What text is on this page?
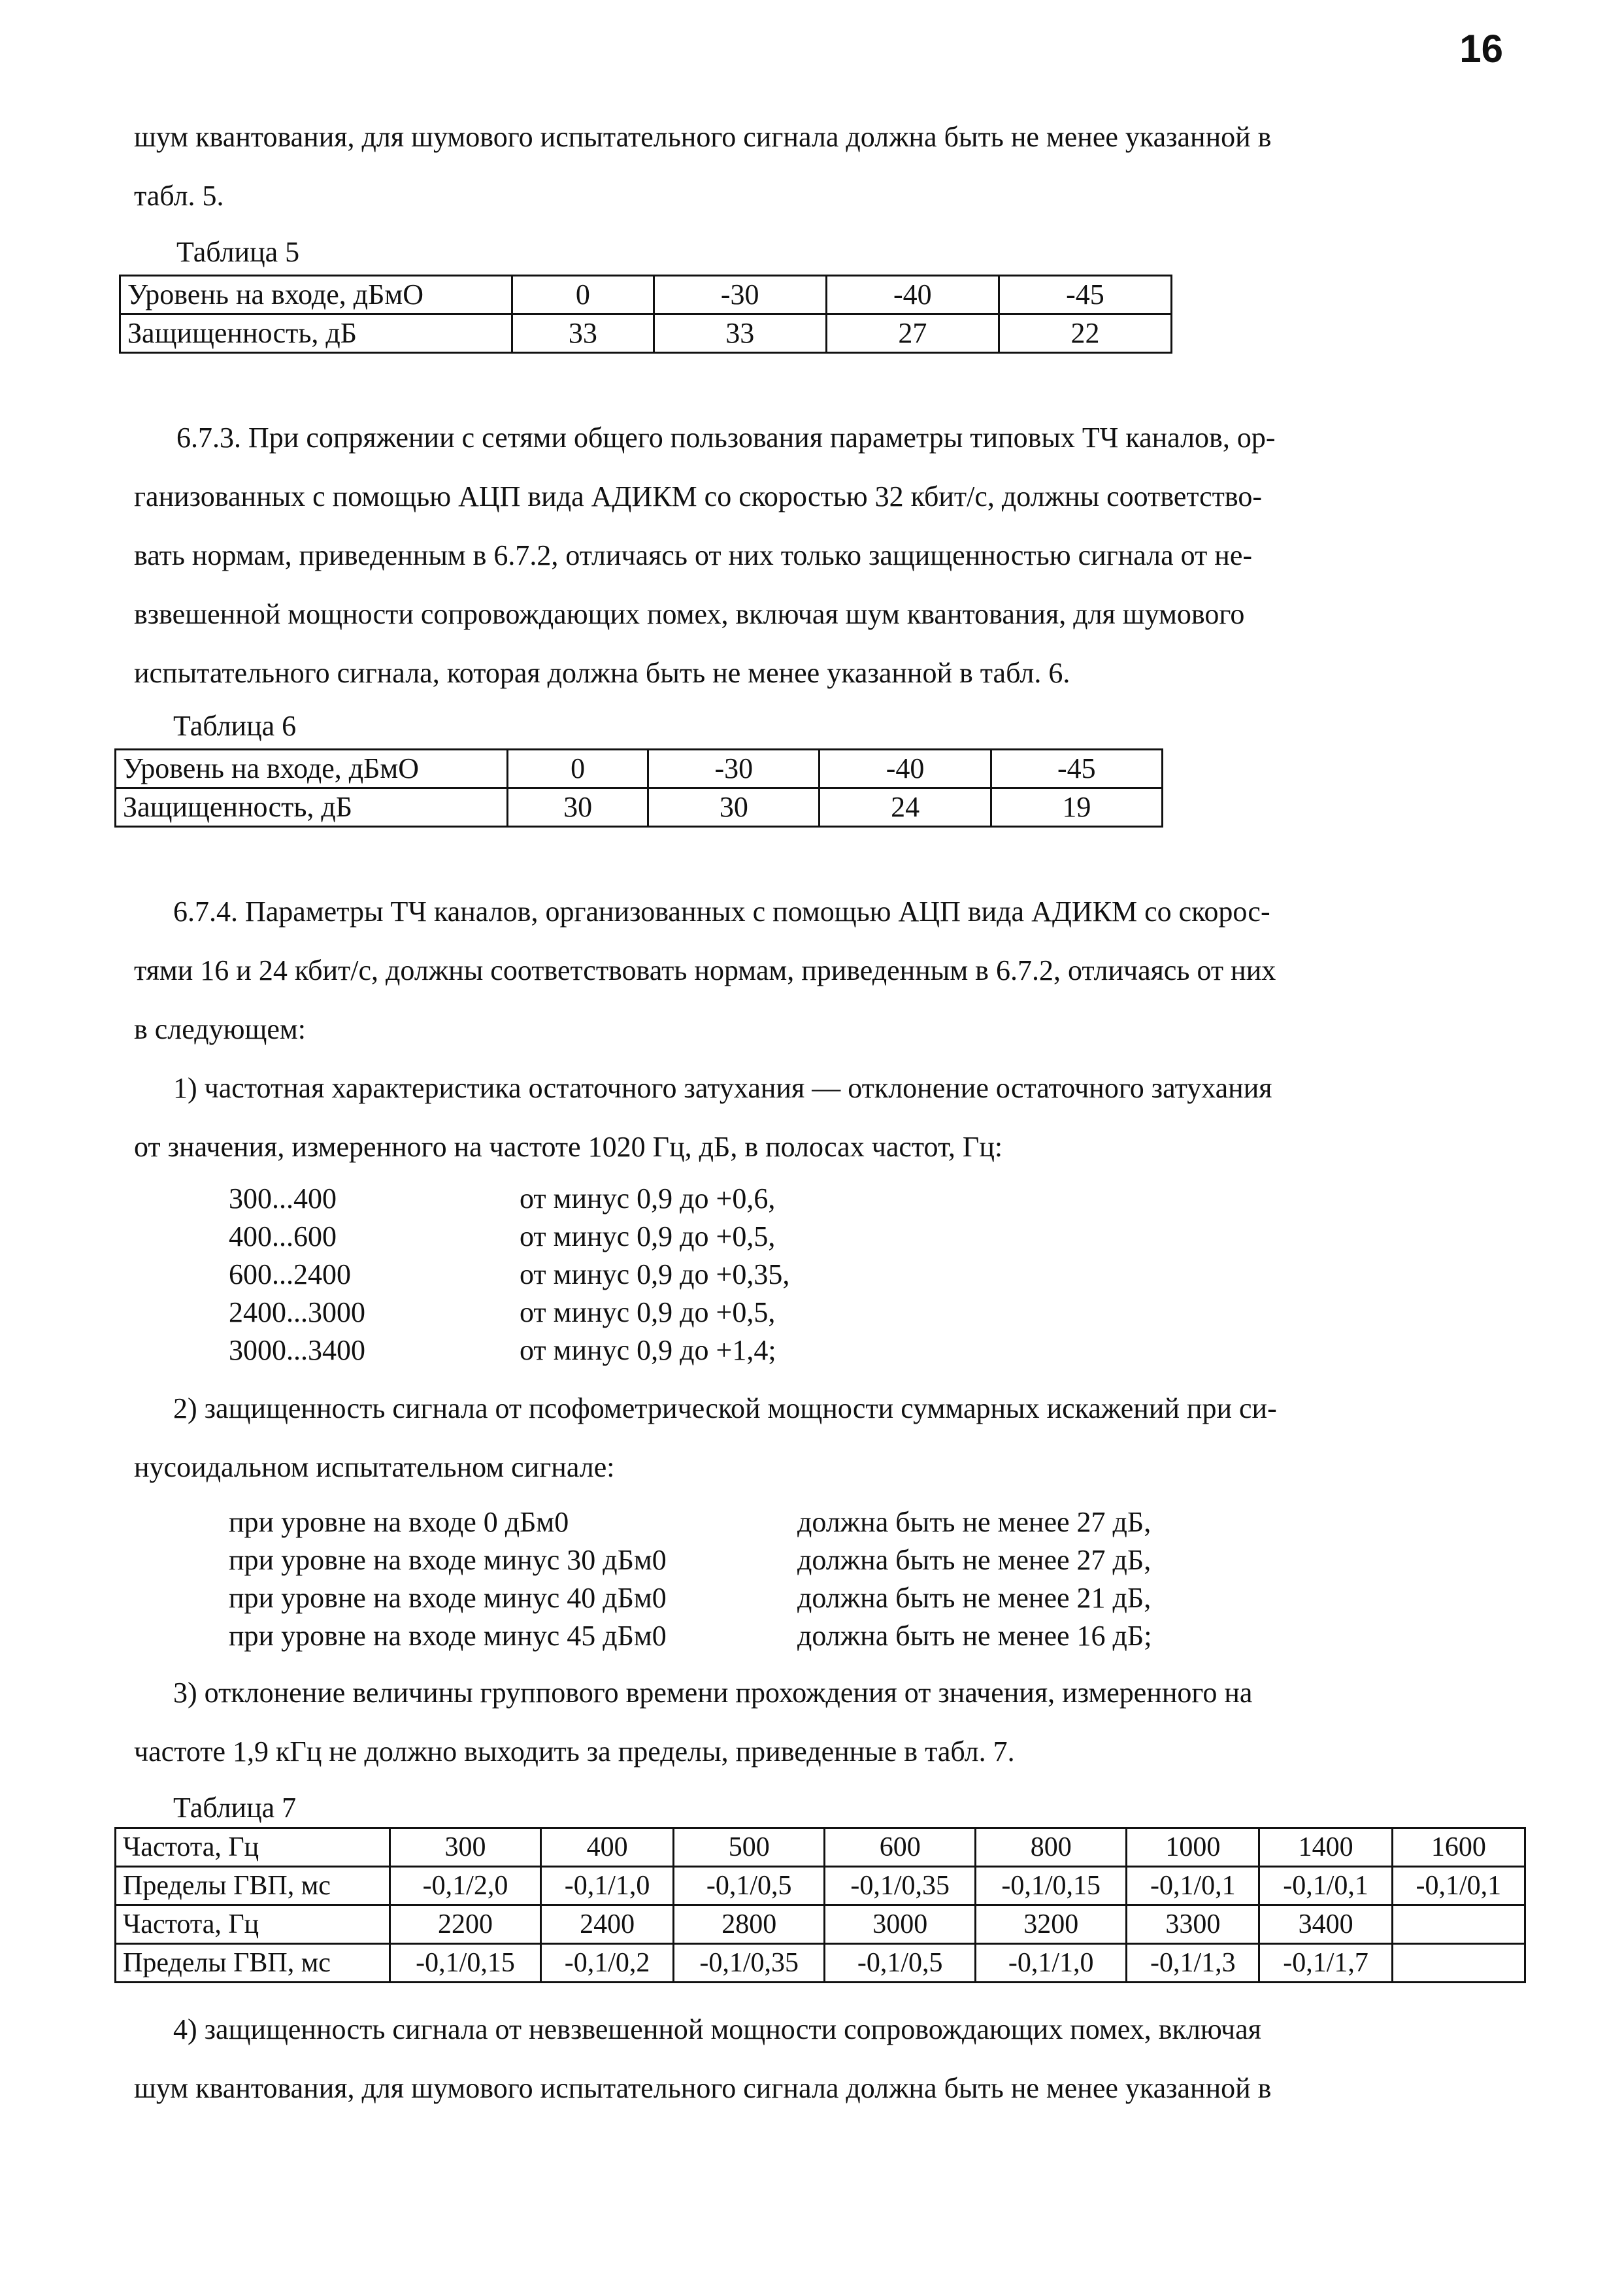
16
шум квантования, для шумового испытательного сигнала должна быть не менее указанной в
табл. 5.
Таблица 5
Уровень на входе, дБмО	0	-30	-40	-45
Защищенность, дБ	33	33	27	22
6.7.3. При сопряжении с сетями общего пользования параметры типовых ТЧ каналов, ор-
ганизованных с помощью АЦП вида АДИКМ со скоростью 32 кбит/с, должны соответство-
вать нормам, приведенным в 6.7.2, отличаясь от них только защищенностью сигнала от не-
взвешенной мощности сопровождающих помех, включая шум квантования, для шумового
испытательного сигнала, которая должна быть не менее указанной в табл. 6.
Таблица 6
Уровень на входе, дБмО	0	-30	-40	-45
Защищенность, дБ	30	30	24	19
6.7.4. Параметры ТЧ каналов, организованных с помощью АЦП вида АДИКМ со скорос-
тями 16 и 24 кбит/с, должны соответствовать нормам, приведенным в 6.7.2, отличаясь от них
в следующем:
1) частотная характеристика остаточного затухания — отклонение остаточного затухания
от значения, измеренного на частоте 1020 Гц, дБ, в полосах частот, Гц:
300...400	от минус 0,9 до +0,6,
400...600	от минус 0,9 до +0,5,
600...2400	от минус 0,9 до +0,35,
2400...3000	от минус 0,9 до +0,5,
3000...3400	от минус 0,9 до +1,4;
2) защищенность сигнала от псофометрической мощности суммарных искажений при си-
нусоидальном испытательном сигнале:
при уровне на входе 0 дБм0	должна быть не менее 27 дБ,
при уровне на входе минус 30 дБм0	должна быть не менее 27 дБ,
при уровне на входе минус 40 дБм0	должна быть не менее 21 дБ,
при уровне на входе минус 45 дБм0	должна быть не менее 16 дБ;
3) отклонение величины группового времени прохождения от значения, измеренного на
частоте 1,9 кГц не должно выходить за пределы, приведенные в табл. 7.
Таблица 7
Частота, Гц	300	400	500	600	800	1000	1400	1600
Пределы ГВП, мс	-0,1/2,0	-0,1/1,0	-0,1/0,5	-0,1/0,35	-0,1/0,15	-0,1/0,1	-0,1/0,1	-0,1/0,1
Частота, Гц	2200	2400	2800	3000	3200	3300	3400	
Пределы ГВП, мс	-0,1/0,15	-0,1/0,2	-0,1/0,35	-0,1/0,5	-0,1/1,0	-0,1/1,3	-0,1/1,7	
4) защищенность сигнала от невзвешенной мощности сопровождающих помех, включая
шум квантования, для шумового испытательного сигнала должна быть не менее указанной в
